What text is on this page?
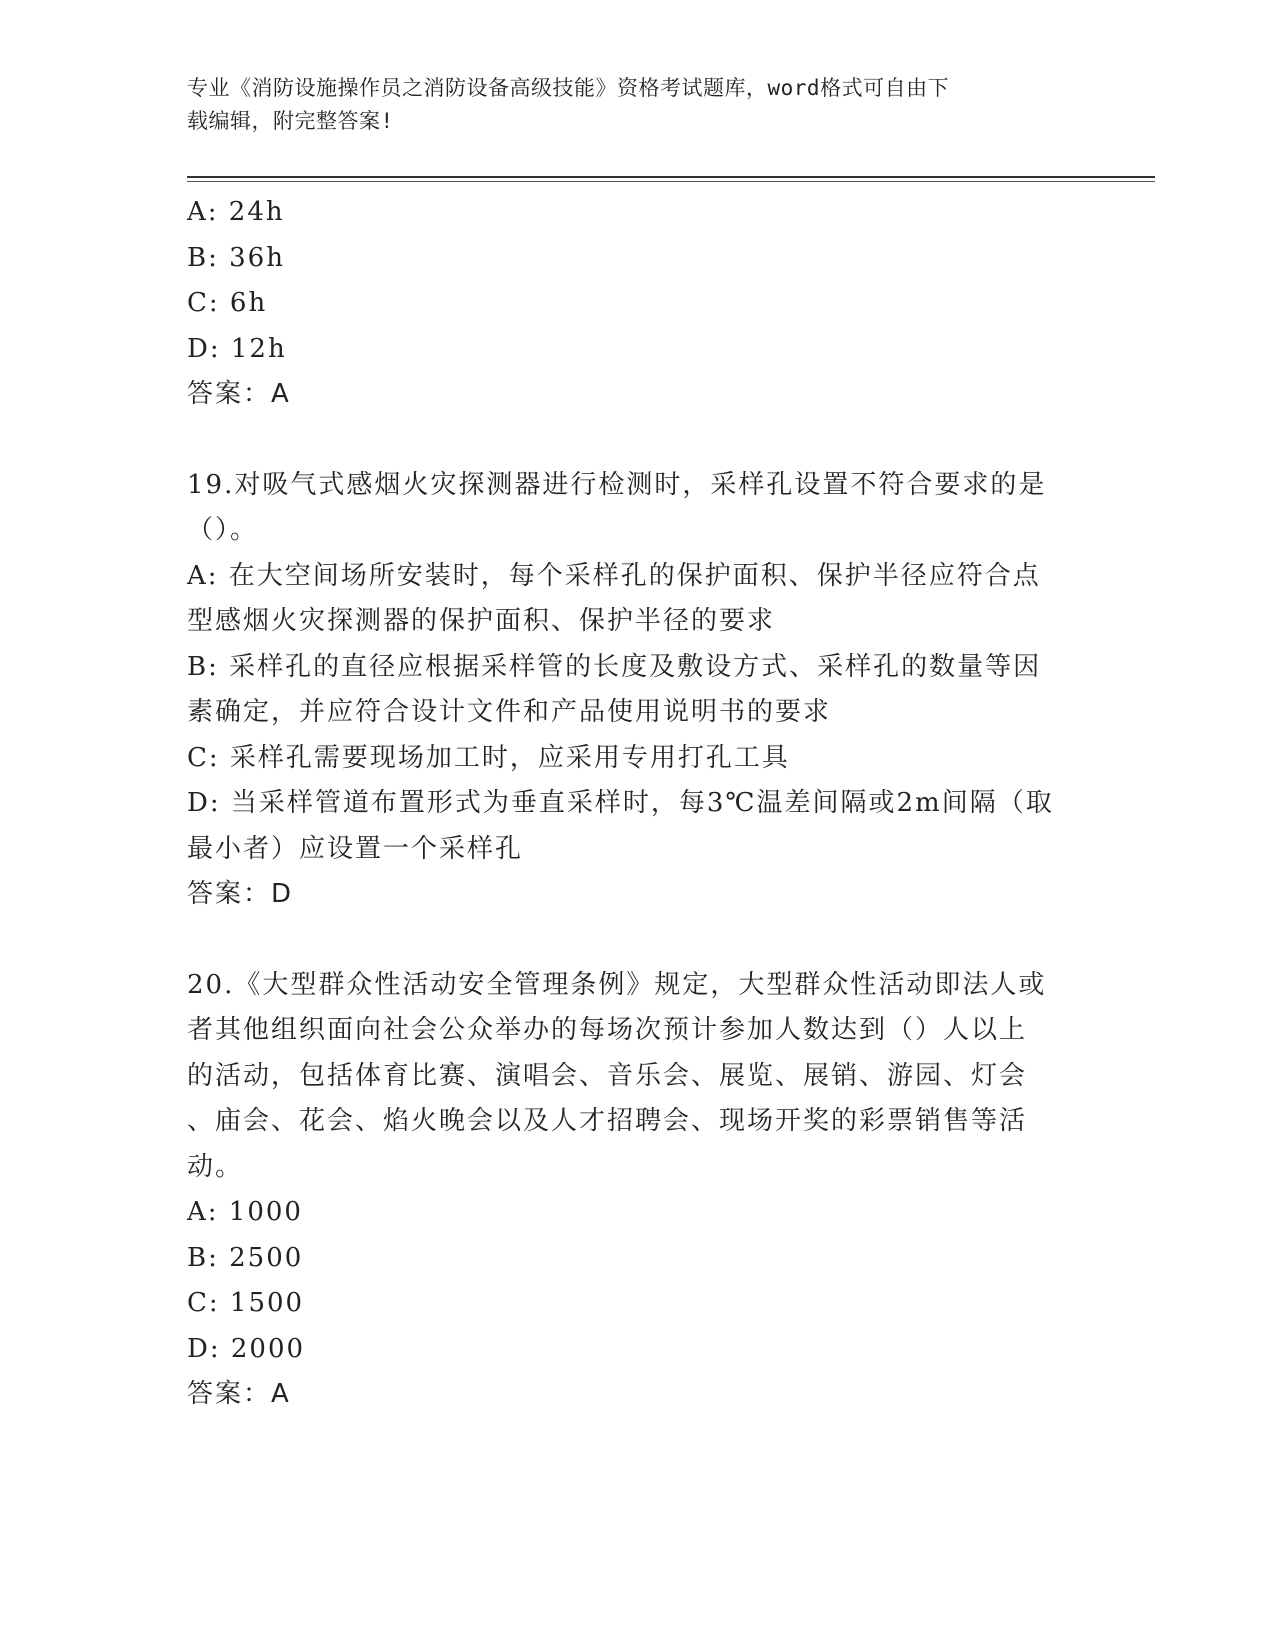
专业《消防设施操作员之消防设备高级技能》资格考试题库，word格式可自由下
载编辑，附完整答案!
A: 24h
B: 36h
C: 6h
D: 12h
答案：A
19.对吸气式感烟火灾探测器进行检测时，采样孔设置不符合要求的是
（）。
A: 在大空间场所安装时，每个采样孔的保护面积、保护半径应符合点
型感烟火灾探测器的保护面积、保护半径的要求
B: 采样孔的直径应根据采样管的长度及敷设方式、采样孔的数量等因
素确定，并应符合设计文件和产品使用说明书的要求
C: 采样孔需要现场加工时，应采用专用打孔工具
D: 当采样管道布置形式为垂直采样时，每3℃温差间隔或2m间隔（取
最小者）应设置一个采样孔
答案：D
20.《大型群众性活动安全管理条例》规定，大型群众性活动即法人或
者其他组织面向社会公众举办的每场次预计参加人数达到（）人以上
的活动，包括体育比赛、演唱会、音乐会、展览、展销、游园、灯会
、庙会、花会、焰火晚会以及人才招聘会、现场开奖的彩票销售等活
动。
A: 1000
B: 2500
C: 1500
D: 2000
答案：A
